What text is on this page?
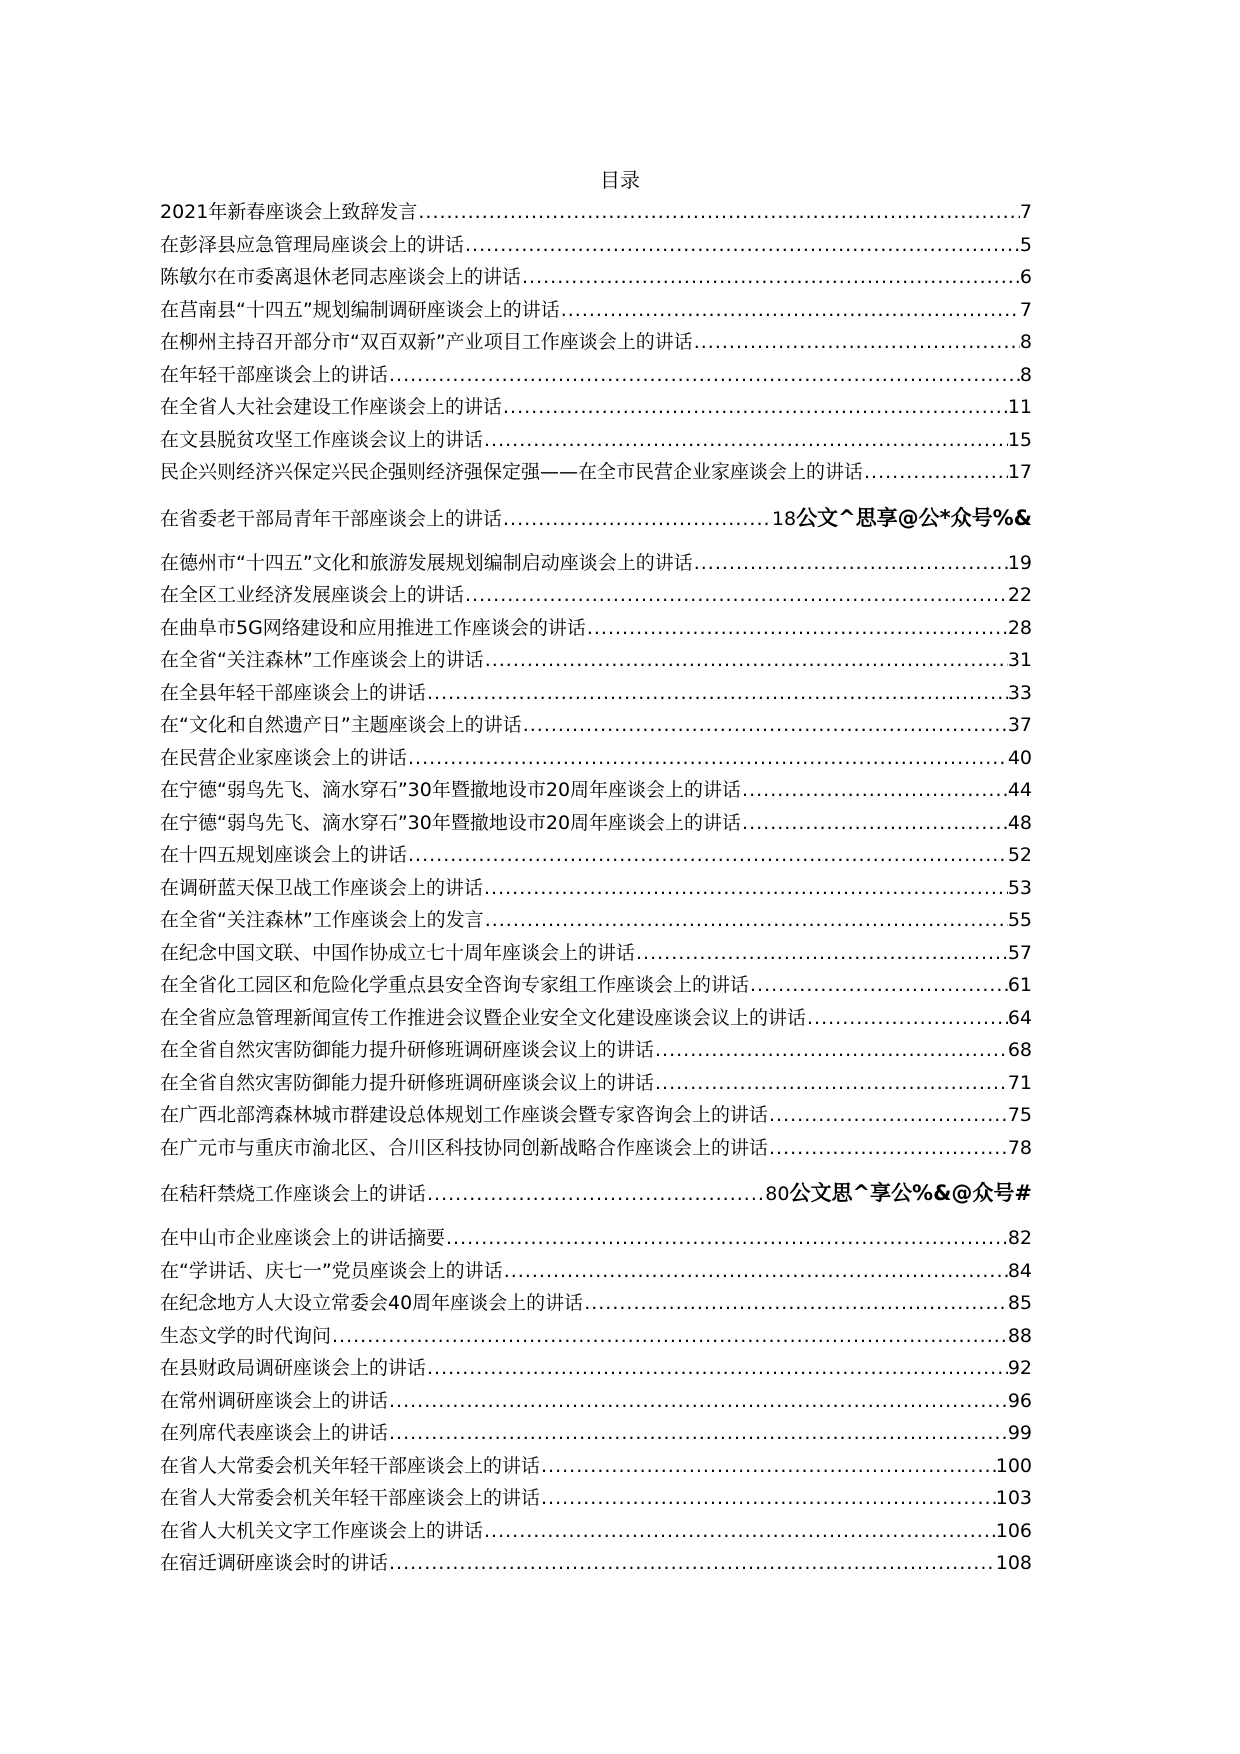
目录
2021年新春座谈会上致辞发言 .....	7
在彭泽县应急管理局座谈会上的讲话 .....	5
陈敏尔在市委离退休老同志座谈会上的讲话 .....	6
在莒南县“十四五”规划编制调研座谈会上的讲话 .....	7
在柳州主持召开部分市“双百双新”产业项目工作座谈会上的讲话 .....	8
在年轻干部座谈会上的讲话 .....	8
在全省人大社会建设工作座谈会上的讲话 .....	11
在文县脱贫攻坚工作座谈会议上的讲话 .....	15
民企兴则经济兴保定兴民企强则经济强保定强——在全市民营企业家座谈会上的讲话 .....	17
在省委老干部局青年干部座谈会上的讲话 .....	18 公文^思享@公*众号%&
在德州市“十四五”文化和旅游发展规划编制启动座谈会上的讲话 .....	19
在全区工业经济发展座谈会上的讲话 .....	22
在曲阜市5G网络建设和应用推进工作座谈会的讲话 .....	28
在全省“关注森林”工作座谈会上的讲话 .....	31
在全县年轻干部座谈会上的讲话 .....	33
在“文化和自然遗产日”主题座谈会上的讲话 .....	37
在民营企业家座谈会上的讲话 .....	40
在宁德“弱鸟先飞、滴水穿石”30年暨撤地设市20周年座谈会上的讲话 .....	44
在宁德“弱鸟先飞、滴水穿石”30年暨撤地设市20周年座谈会上的讲话 .....	48
在十四五规划座谈会上的讲话 .....	52
在调研蓝天保卫战工作座谈会上的讲话 .....	53
在全省“关注森林”工作座谈会上的发言 .....	55
在纪念中国文联、中国作协成立七十周年座谈会上的讲话 .....	57
在全省化工园区和危险化学重点县安全咨询专家组工作座谈会上的讲话 .....	61
在全省应急管理新闻宣传工作推进会议暨企业安全文化建设座谈会议上的讲话 .....	64
在全省自然灾害防御能力提升研修班调研座谈会议上的讲话 .....	68
在全省自然灾害防御能力提升研修班调研座谈会议上的讲话 .....	71
在广西北部湾森林城市群建设总体规划工作座谈会暨专家咨询会上的讲话 .....	75
在广元市与重庆市渝北区、合川区科技协同创新战略合作座谈会上的讲话 .....	78
在秸秆禁烧工作座谈会上的讲话 .....	80 公文思^享公%&@众号#
在中山市企业座谈会上的讲话摘要 .....	82
在“学讲话、庆七一”党员座谈会上的讲话 .....	84
在纪念地方人大设立常委会40周年座谈会上的讲话 .....	85
生态文学的时代询问 .....	88
在县财政局调研座谈会上的讲话 .....	92
在常州调研座谈会上的讲话 .....	96
在列席代表座谈会上的讲话 .....	99
在省人大常委会机关年轻干部座谈会上的讲话 .....	100
在省人大常委会机关年轻干部座谈会上的讲话 .....	103
在省人大机关文字工作座谈会上的讲话 .....	106
在宿迁调研座谈会时的讲话 .....	108
